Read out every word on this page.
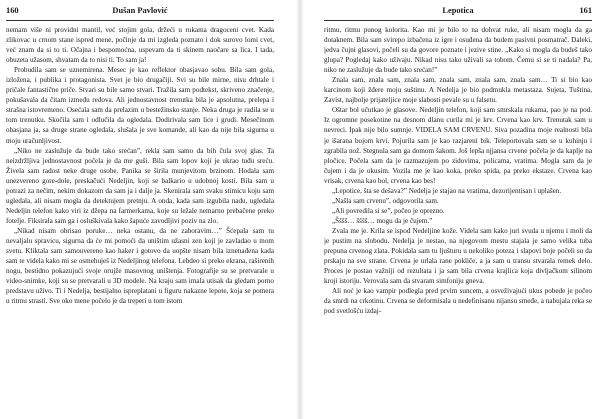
160	Dušan Pavlović

nemam više ni providni mantil, već stojim gola, držeći u rukama dragoceni cvet. Kada zlikovac u crnom stane ispred mene, počinje da mi izgleda poznato i dok surovo lomi cvet, već znam da si to ti. Očajna i bespomoćna, uspevam da ti skinem naočare sa lica. I tada, obuzeta užasom, shvatam da to nisi ti. To sam ja!

Probudila sam se uznemirena. Mesec je kao reflektor obasjavao sobu. Bila sam gola, izložena, i publika i protagonista. Svet je bio drugačiji. Svi su bile mirne, nisu drhtale i pričale fantastične priče. Stvari su bile samo stvari. Tražila sam podtekst, skriveno značenje, pokušavala da čitam između redova. Ali jednostavnost trenutka bila je apsolutna, prelepa i strašna istovremeno. Osećala sam da prelazim u bestežinsko stanje. Neka druga je radila se u tom trenutku. Skočila sam i odlučila da ogledala. Dodirivala sam lice i grudi. Mesečinom obasjana ja, sa druge strane ogledala, slušala je sve komande, ali kao da nije bila sigurna u moju uračunljivost.

„Niko ne zaslužuje da bude tako srećan”, rekla sam samo da bih čula svoj glas. Ta neizdržljiva jednostavnost počela je da me guši. Bila sam lopov koji je ukrao tuđu sreću. Živela sam radost neke druge osobe. Panika se širila munjevitom brzinom. Hodala sam unezvereno gore-dole, preskačući Nedeljin, koji se balkario u udobnoj kosti. Bila sam u potrazi za nečim, nekim dokazom da sam ja i dalje ja. Skenirala sam svaku stimicu koju sam ugledala, ali nisam mogla da detektujem pretnju. A onda, kada sam izgubila nadu, ugledala Nedeljin telefon kako viri iz džepa na farmerkama, koje su ležale nemarno prebačene preko fotelje. Fiksirala sam ga i osluškivala kako šapuće zavodljivi poziv na zlo.

„Nikad nisam obrisao poruke… neka ostanu, da ne zaboravim…” Šćepala sam tu nevaljalu spravicu, sigurna da će mi pomoći da uništim užasni zen koji je zavladao u mom svetu. Kliktala sam samouvereno kao haker i gotovo da uopšte nisam bila iznenađena kada sam te videla kako mi se osmehuješ iz Nedeljinog telefona. Lebdeo si preko ekrana, raširenih nogu, bestidno pokazujući svoje orujže masovnog uništenja. Fotografije su se pretvarale u video-snimke, koji su se pretvarali u 3D modele. Na kraju sam imala utisak da gledam porno predstavu uživo. Ti i Nedeljа, bestijalno ispreplatani u figuru nakazne lepote, koja se pomera u ritmu strasti. Sve oko mene počelo je da treperi u tom istom

Lepotica	161

ritmu, ritmu punog kolorita. Kao mi je bilo to na dohvat ruke, ali nisam mogla da ga dotaknem. Bila sam svirepo izbačena iz igre i osuđena da budem pasivni posmatrač. Daleki, jedva čujni glasovi, počeli su da govore poznate i jezive stine. „Kako si mogla da budeš tako glupa? Pogledaj kako uživaju. Nikad nisu tako uživali sa tobom. Čemu si se ti nadala? Pa, niko ne zaslužuje da bude tako srećan!”

Znala sam, znala sam, znala sam, znala sam, znala sam, znala sam… Ti si bio kao karcinom koji žđere moju suštinu. A Nedelja je bio podmukla metastaza. Sujeta, Tuština, Zavist, najbolje prijateljice moje slabosti pevale su u falsetu.

Oštar bol učutkao je glasove. Nedeljin telefon, koji sam smrskala rukama, pao je na pod. Iz ogromne posekotine na desnom dlanu curila mi je krv. Crvena kao krv. Trenutak sam u nevreci. Ipak nije bilo sumnje. VIDELA SAM CRVENU. Siva pozadina moje realnosti bila je išarana bojom krvi. Pojurila sam je kao razjareni bik. Teleportovala sam se u kuhinju i zgrabila nož. Stegnula sam ga domom šakom. Još lepša njjansa crvene počela je da kaplje na pločice. Počela sam da je razmazujem po zidovima, policama, vratima. Mogla sam da je čujem i da je okusim. Vozila me je kao koka, preko spida, pa preko ekstaze. Crvena kao vrisak, crvena kao bol, crvena kao bes!

„Lepotice, šta se dešava?” Nedelja je stajao na vratima, dezorijentisan i uplašen.

„Našla sam crvenu”, odgovorila sam.

„Ali povredila si se”, počeo je oprezno.

„Šššš… šššš… mogu da je čujem.”

Zvala me je. Krila se ispod Nedeljine kože. Videla sam kako juri svuda u njemu i moli da je pustim na slobodu. Nedelja je nestao, na njegovom mestu stajala je samo velika tuba prepuna crvenog zlata. Pokidala sam tu ljušturu u nekoliko poteza i slapovi boje počeli su da prskaju na sve strane. Crvena je urlala rane pokliče, a ja sam u transu stvarala remek delo. Proces je postao važniji od rezultata i ja sam bila crvena krajlica koja divljačkom silinom kroji istoriju. Verovala sam da stvaram simfoniju gneva.

Ali noć je kao vampir podlegla pred prvim suncem, a osveživajući ukus pobede je počeo da smrdi na crkotinu. Crvena se deformisala u nedefinisanu nijansu smeđe, a nabujala reka se pod svetlošću izdaj-
